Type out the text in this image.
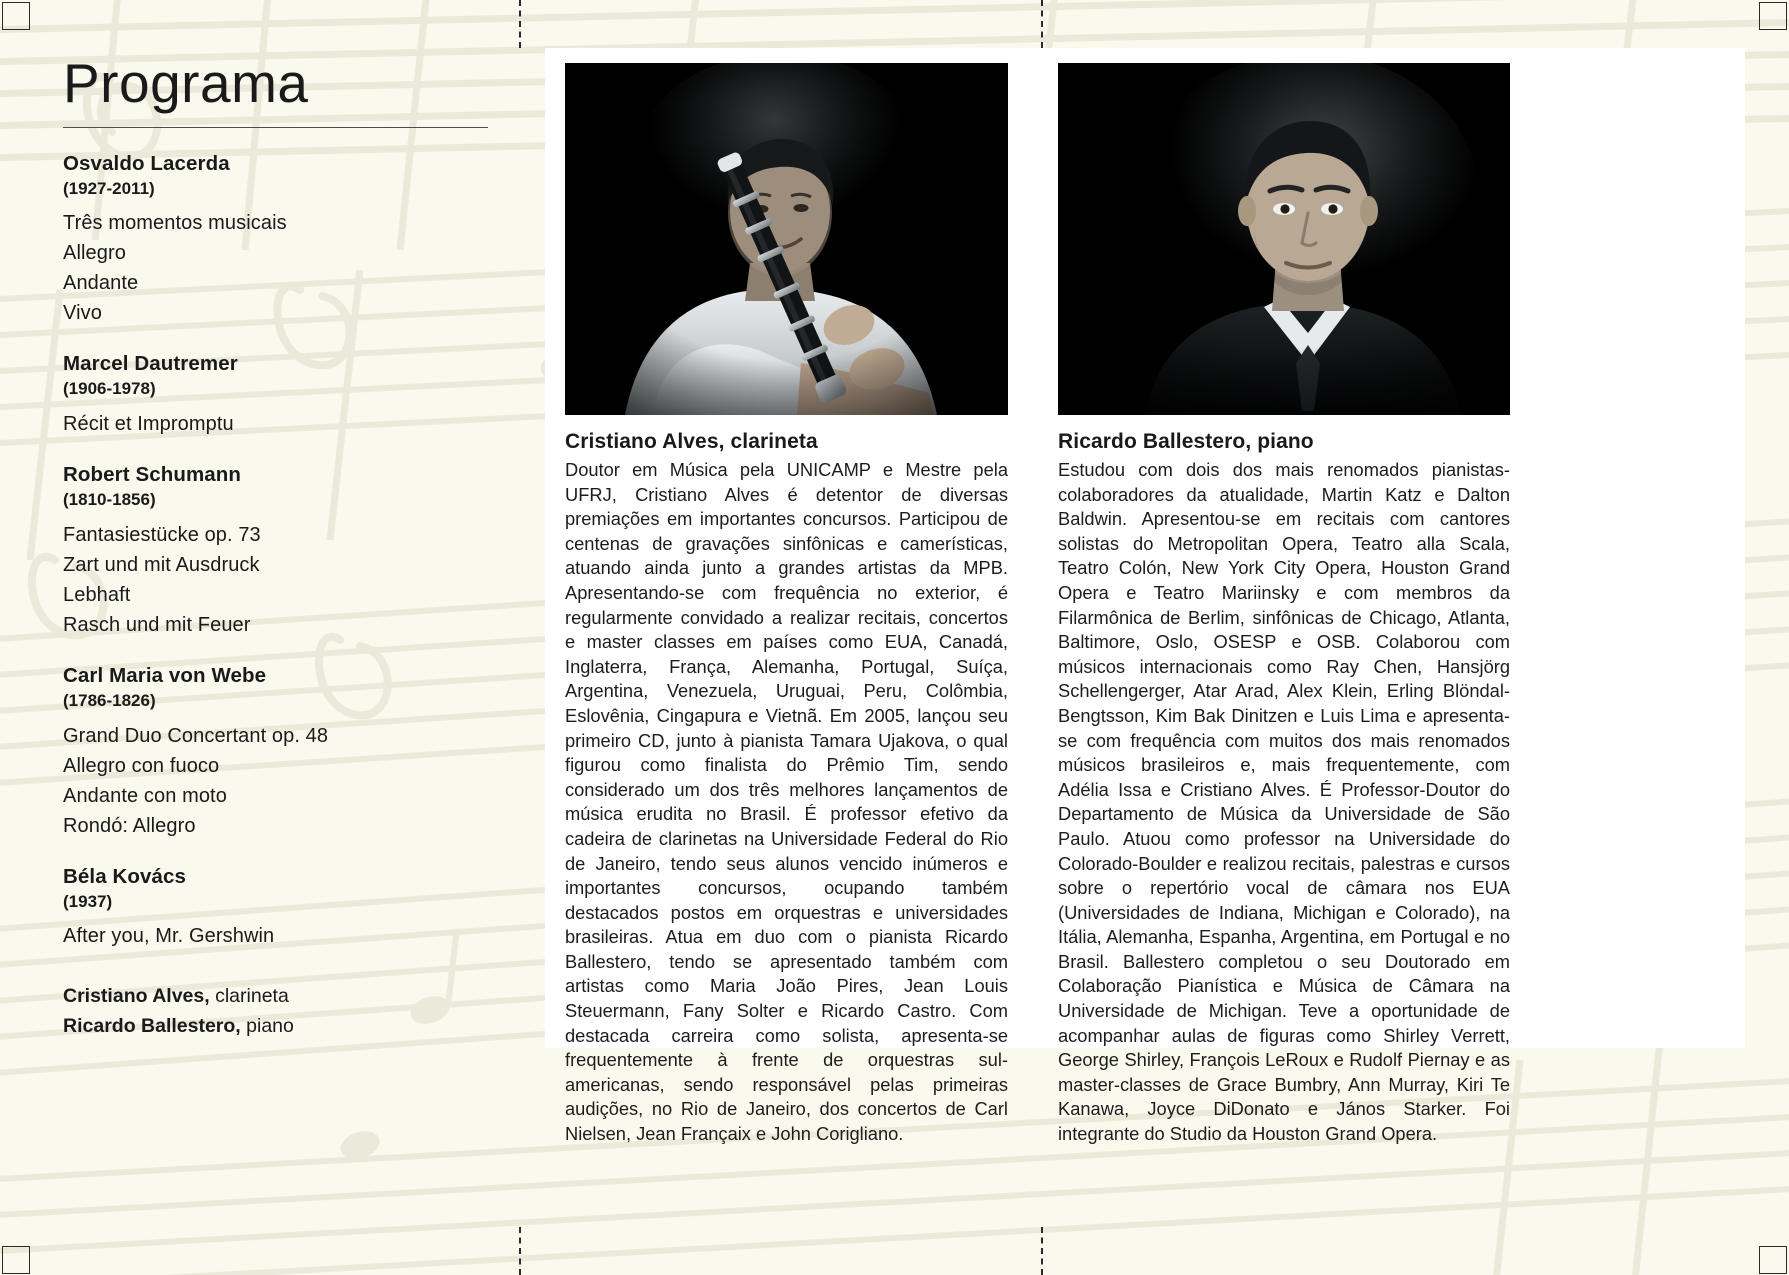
Programa
Osvaldo Lacerda
(1927-2011)
Três momentos musicais
Allegro
Andante
Vivo
Marcel Dautremer
(1906-1978)
Récit et Impromptu
Robert Schumann
(1810-1856)
Fantasiestücke op. 73
Zart und mit Ausdruck
Lebhaft
Rasch und mit Feuer
Carl Maria von Webe
(1786-1826)
Grand Duo Concertant op. 48
Allegro con fuoco
Andante con moto
Rondó: Allegro
Béla Kovács
(1937)
After you, Mr. Gershwin
Cristiano Alves, clarineta
Ricardo Ballestero, piano
Cristiano Alves, clarineta
Doutor em Música pela UNICAMP e Mestre pela UFRJ, Cristiano Alves é detentor de diversas premiações em importantes concursos. Participou de centenas de gravações sinfônicas e camerísticas, atuando ainda junto a grandes artistas da MPB. Apresentando-se com frequência no exterior, é regularmente convidado a realizar recitais, concertos e master classes em países como EUA, Canadá, Inglaterra, França, Alemanha, Portugal, Suíça, Argentina, Venezuela, Uruguai, Peru, Colômbia, Eslovênia, Cingapura e Vietnã. Em 2005, lançou seu primeiro CD, junto à pianista Tamara Ujakova, o qual figurou como finalista do Prêmio Tim, sendo considerado um dos três melhores lançamentos de música erudita no Brasil. É professor efetivo da cadeira de clarinetas na Universidade Federal do Rio de Janeiro, tendo seus alunos vencido inúmeros e importantes concursos, ocupando também destacados postos em orquestras e universidades brasileiras. Atua em duo com o pianista Ricardo Ballestero, tendo se apresentado também com artistas como Maria João Pires, Jean Louis Steuermann, Fany Solter e Ricardo Castro. Com destacada carreira como solista, apresenta-se frequentemente à frente de orquestras sul-americanas, sendo responsável pelas primeiras audições, no Rio de Janeiro, dos concertos de Carl Nielsen, Jean Françaix e John Corigliano.
Ricardo Ballestero, piano
Estudou com dois dos mais renomados pianistas-colaboradores da atualidade, Martin Katz e Dalton Baldwin. Apresentou-se em recitais com cantores solistas do Metropolitan Opera, Teatro alla Scala, Teatro Colón, New York City Opera, Houston Grand Opera e Teatro Mariinsky e com membros da Filarmônica de Berlim, sinfônicas de Chicago, Atlanta, Baltimore, Oslo, OSESP e OSB. Colaborou com músicos internacionais como Ray Chen, Hansjörg Schellengerger, Atar Arad, Alex Klein, Erling Blöndal-Bengtsson, Kim Bak Dinitzen e Luis Lima e apresenta-se com frequência com muitos dos mais renomados músicos brasileiros e, mais frequentemente, com Adélia Issa e Cristiano Alves. É Professor-Doutor do Departamento de Música da Universidade de São Paulo. Atuou como professor na Universidade do Colorado-Boulder e realizou recitais, palestras e cursos sobre o repertório vocal de câmara nos EUA (Universidades de Indiana, Michigan e Colorado), na Itália, Alemanha, Espanha, Argentina, em Portugal e no Brasil. Ballestero completou o seu Doutorado em Colaboração Pianística e Música de Câmara na Universidade de Michigan. Teve a oportunidade de acompanhar aulas de figuras como Shirley Verrett, George Shirley, François LeRoux e Rudolf Piernay e as master-classes de Grace Bumbry, Ann Murray, Kiri Te Kanawa, Joyce DiDonato e János Starker. Foi integrante do Studio da Houston Grand Opera.
